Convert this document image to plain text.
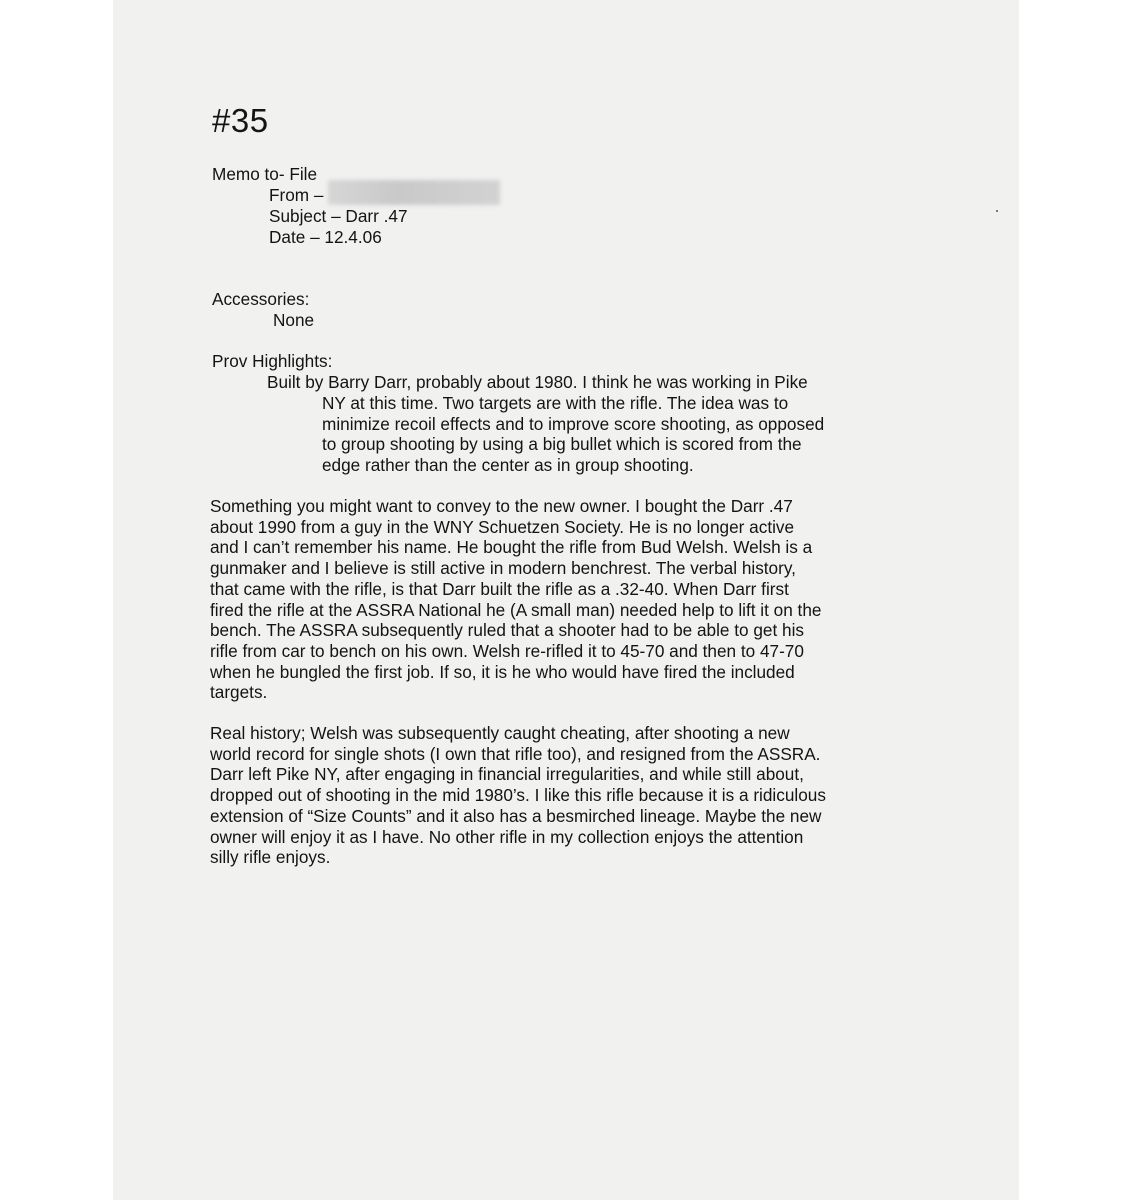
#35
Memo to- File
From –
Subject – Darr .47
Date – 12.4.06
Accessories:
None
Prov Highlights:
Built by Barry Darr, probably about 1980. I think he was working in Pike
NY at this time. Two targets are with the rifle. The idea was to
minimize recoil effects and to improve score shooting, as opposed
to group shooting by using a big bullet which is scored from the
edge rather than the center as in group shooting.
Something you might want to convey to the new owner. I bought the Darr .47
about 1990 from a guy in the WNY Schuetzen Society. He is no longer active
and I can’t remember his name. He bought the rifle from Bud Welsh. Welsh is a
gunmaker and I believe is still active in modern benchrest. The verbal history,
that came with the rifle, is that Darr built the rifle as a .32-40. When Darr first
fired the rifle at the ASSRA National he (A small man) needed help to lift it on the
bench. The ASSRA subsequently ruled that a shooter had to be able to get his
rifle from car to bench on his own. Welsh re-rifled it to 45-70 and then to 47-70
when he bungled the first job. If so, it is he who would have fired the included
targets.
Real history; Welsh was subsequently caught cheating, after shooting a new
world record for single shots (I own that rifle too), and resigned from the ASSRA.
Darr left Pike NY, after engaging in financial irregularities, and while still about,
dropped out of shooting in the mid 1980’s. I like this rifle because it is a ridiculous
extension of “Size Counts” and it also has a besmirched lineage. Maybe the new
owner will enjoy it as I have. No other rifle in my collection enjoys the attention
silly rifle enjoys.
